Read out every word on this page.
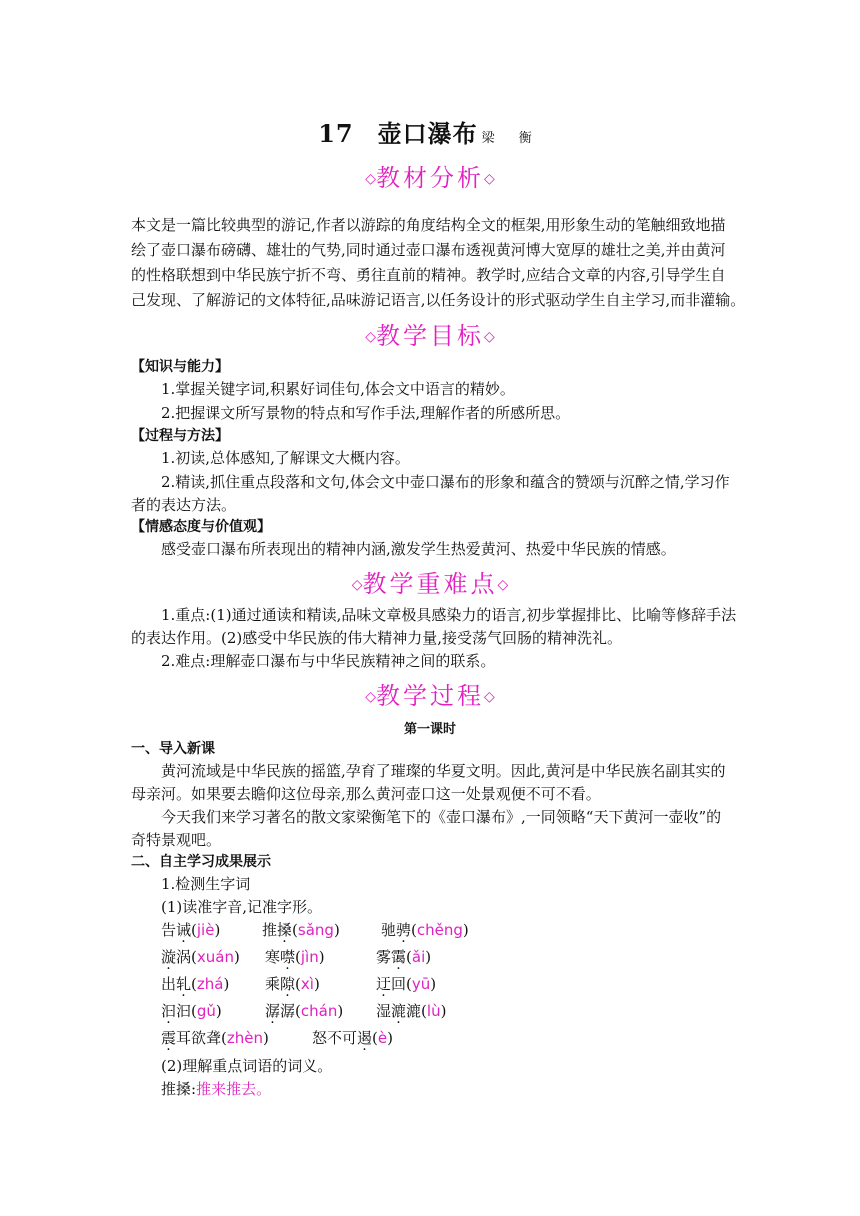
17 壶口瀑布 梁 衡
◇教材分析◇
本文是一篇比较典型的游记,作者以游踪的角度结构全文的框架,用形象生动的笔触细致地描
绘了壶口瀑布磅礴、雄壮的气势,同时通过壶口瀑布透视黄河博大宽厚的雄壮之美,并由黄河
的性格联想到中华民族宁折不弯、勇往直前的精神。教学时,应结合文章的内容,引导学生自
己发现、了解游记的文体特征,品味游记语言,以任务设计的形式驱动学生自主学习,而非灌输。
◇教学目标◇
【知识与能力】
1.掌握关键字词,积累好词佳句,体会文中语言的精妙。
2.把握课文所写景物的特点和写作手法,理解作者的所感所思。
【过程与方法】
1.初读,总体感知,了解课文大概内容。
2.精读,抓住重点段落和文句,体会文中壶口瀑布的形象和蕴含的赞颂与沉醉之情,学习作
者的表达方法。
【情感态度与价值观】
感受壶口瀑布所表现出的精神内涵,激发学生热爱黄河、热爱中华民族的情感。
◇教学重难点◇
1.重点:(1)通过通读和精读,品味文章极具感染力的语言,初步掌握排比、比喻等修辞手法
的表达作用。(2)感受中华民族的伟大精神力量,接受荡气回肠的精神洗礼。
2.难点:理解壶口瀑布与中华民族精神之间的联系。
◇教学过程◇
第一课时
一、导入新课
黄河流域是中华民族的摇篮,孕育了璀璨的华夏文明。因此,黄河是中华民族名副其实的
母亲河。如果要去瞻仰这位母亲,那么黄河壶口这一处景观便不可不看。
今天我们来学习著名的散文家梁衡笔下的《壶口瀑布》,一同领略“天下黄河一壶收”的
奇特景观吧。
二、自主学习成果展示
1.检测生字词
(1)读准字音,记准字形。
告诫(jiè)	推搡(sǎng)	驰骋(chěng)
漩涡(xuán) 寒噤(jìn)	雾霭(ǎi)
出轧(zhá) 乘隙(xì)	迂回(yū)
汩汩(gǔ)	潺潺(chán) 湿漉漉(lù)
震耳欲聋(zhèn)	怒不可遏(è)
(2)理解重点词语的词义。
推搡:推来推去。
